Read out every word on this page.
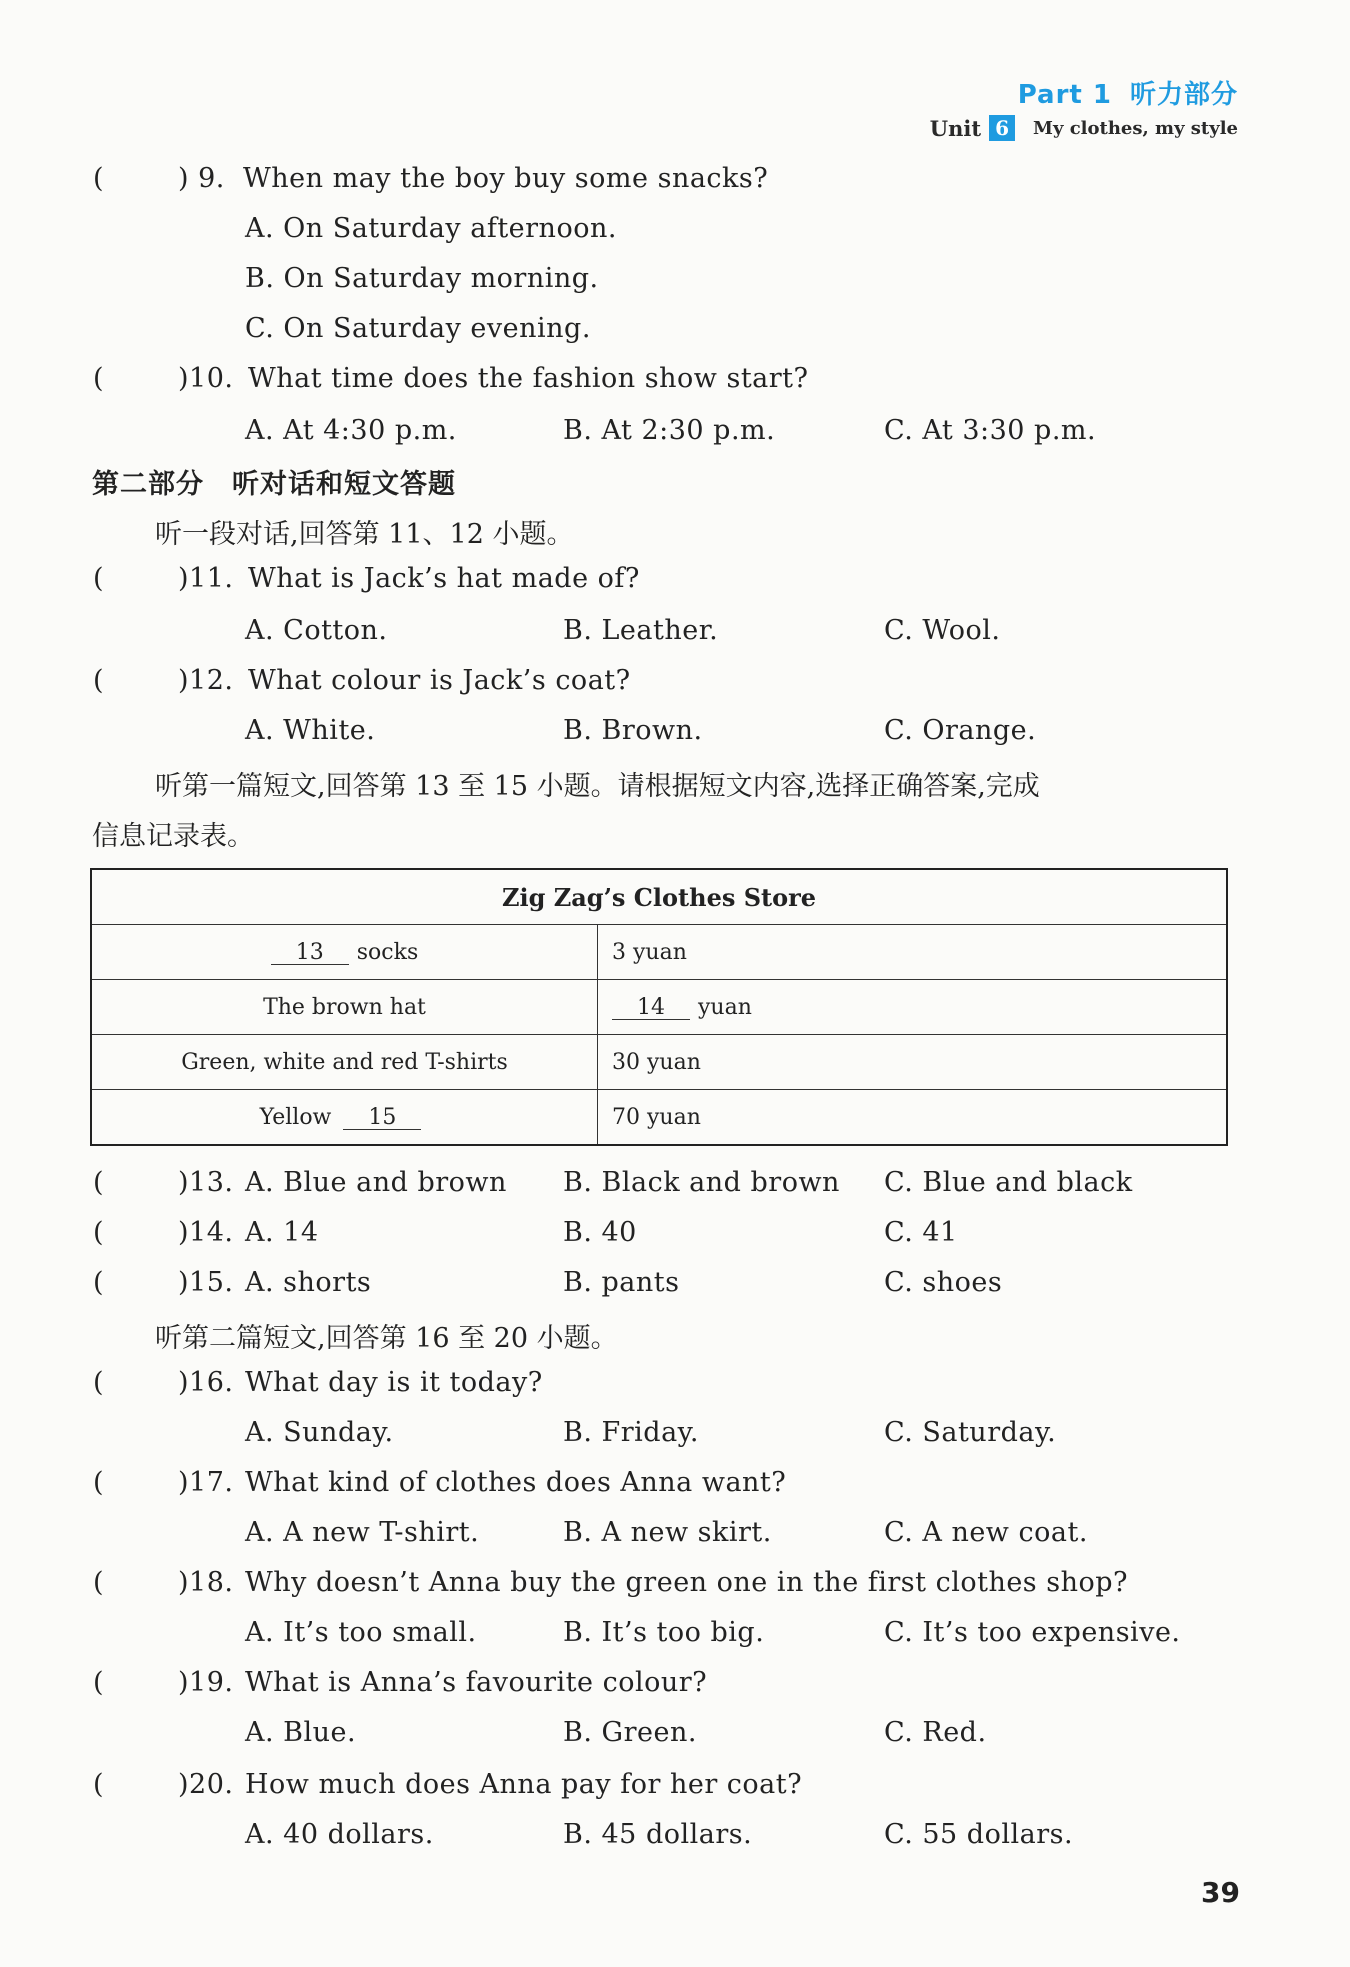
Part 1 听力部分
Unit 6	My clothes, my style
(	) 9. When may the boy buy some snacks?
A. On Saturday afternoon.
B. On Saturday morning.
C. On Saturday evening.
(	)10. What time does the fashion show start?
A. At 4:30 p.m.	B. At 2:30 p.m.	C. At 3:30 p.m.
第二部分　听对话和短文答题
听一段对话,回答第 11、12 小题。
(	)11. What is Jack’s hat made of?
A. Cotton.	B. Leather.	C. Wool.
(	)12. What colour is Jack’s coat?
A. White.	B. Brown.	C. Orange.
听第一篇短文,回答第 13 至 15 小题。请根据短文内容,选择正确答案,完成
信息记录表。
Zig Zag’s Clothes Store	
13 socks	3 yuan
The brown hat	14 yuan
Green, white and red T-shirts	30 yuan
Yellow 15	70 yuan
(	)13. A. Blue and brown B. Black and brown C. Blue and black
(	)14. A. 14	B. 40	C. 41
(	)15. A. shorts	B. pants	C. shoes
听第二篇短文,回答第 16 至 20 小题。
(	)16. What day is it today?
A. Sunday.	B. Friday.	C. Saturday.
(	)17. What kind of clothes does Anna want?
A. A new T-shirt.	B. A new skirt.	C. A new coat.
(	)18. Why doesn’t Anna buy the green one in the first clothes shop?
A. It’s too small.	B. It’s too big.	C. It’s too expensive.
(	)19. What is Anna’s favourite colour?
A. Blue.	B. Green.	C. Red.
(	)20. How much does Anna pay for her coat?
A. 40 dollars.	B. 45 dollars.	C. 55 dollars.
39
